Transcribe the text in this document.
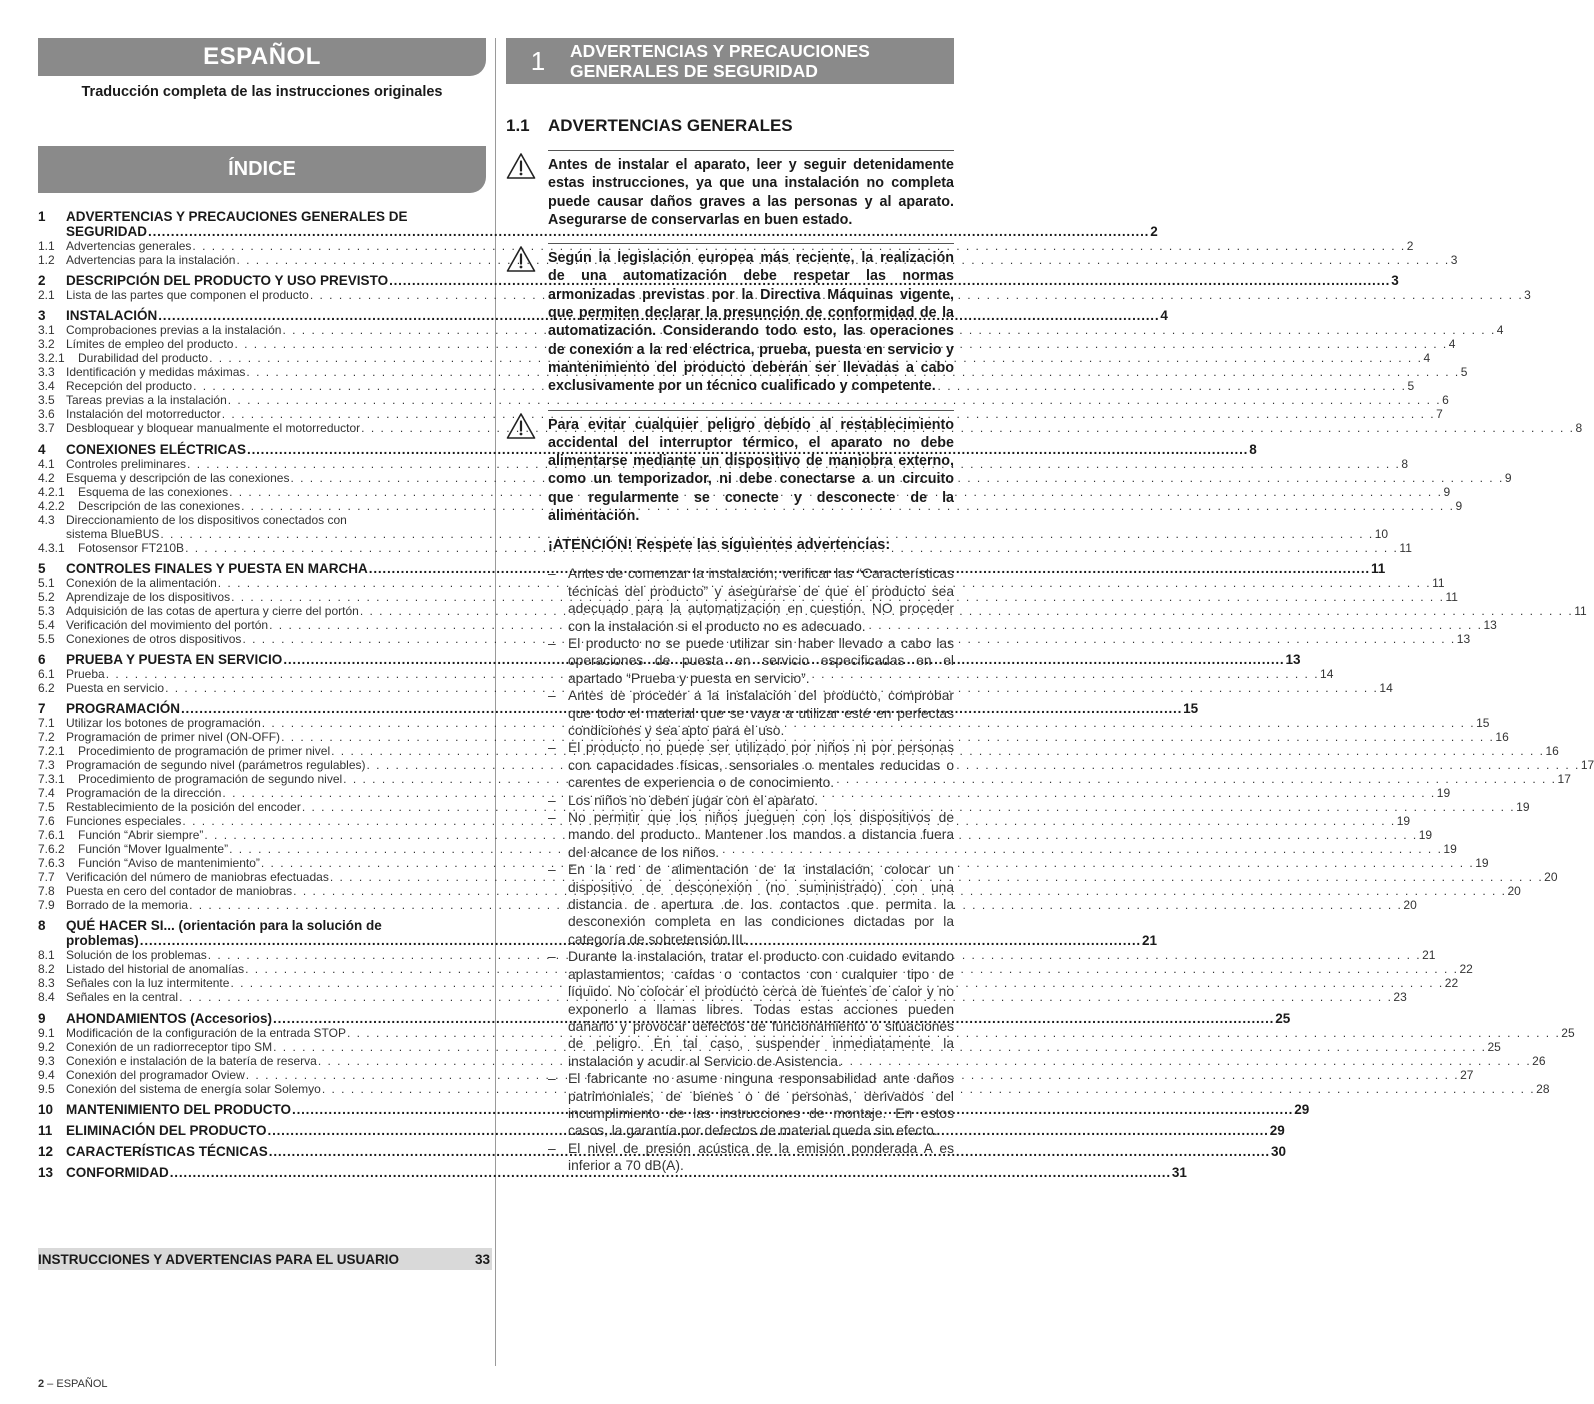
ESPAÑOL
Traducción completa de las instrucciones originales
ÍNDICE
1	ADVERTENCIAS Y PRECAUCIONES GENERALES DE
SEGURIDAD .....	2
1.1 Advertencias generales . . .	2
1.2 Advertencias para la instalación . . .	3
2	DESCRIPCIÓN DEL PRODUCTO Y USO PREVISTO .....	3
2.1 Lista de las partes que componen el producto . . .	3
3	INSTALACIÓN .....	4
3.1 Comprobaciones previas a la instalación . . .	4
3.2 Límites de empleo del producto . . .	4
3.2.1	Durabilidad del producto . . .	4
3.3 Identificación y medidas máximas . . .	5
3.4 Recepción del producto . . .	5
3.5 Tareas previas a la instalación . . .	6
3.6 Instalación del motorreductor . . .	7
3.7 Desbloquear y bloquear manualmente el motorreductor . . .	8
4	CONEXIONES ELÉCTRICAS .....	8
4.1 Controles preliminares . . .	8
4.2 Esquema y descripción de las conexiones . . .	9
4.2.1	Esquema de las conexiones . . .	9
4.2.2	Descripción de las conexiones . . .	9
4.3 Direccionamiento de los dispositivos conectados con
sistema BlueBUS . . .	10
4.3.1	Fotosensor FT210B . . .	11
5	CONTROLES FINALES Y PUESTA EN MARCHA .....	11
5.1 Conexión de la alimentación . . .	11
5.2 Aprendizaje de los dispositivos . . .	11
5.3 Adquisición de las cotas de apertura y cierre del portón . . .	11
5.4 Verificación del movimiento del portón . . .	13
5.5 Conexiones de otros dispositivos . . .	13
6	PRUEBA Y PUESTA EN SERVICIO .....	13
6.1 Prueba . . .	14
6.2 Puesta en servicio . . .	14
7	PROGRAMACIÓN .....	15
7.1 Utilizar los botones de programación . . .	15
7.2 Programación de primer nivel (ON-OFF) . . .	16
7.2.1	Procedimiento de programación de primer nivel . . .	16
7.3 Programación de segundo nivel (parámetros regulables) . . .	17
7.3.1	Procedimiento de programación de segundo nivel . . .	17
7.4 Programación de la dirección . . .	19
7.5 Restablecimiento de la posición del encoder . . .	19
7.6 Funciones especiales . . .	19
7.6.1	Función “Abrir siempre” . . .	19
7.6.2	Función “Mover Igualmente” . . .	19
7.6.3	Función “Aviso de mantenimiento” . . .	19
7.7 Verificación del número de maniobras efectuadas . . .	20
7.8 Puesta en cero del contador de maniobras . . .	20
7.9 Borrado de la memoria . . .	20
8	QUÉ HACER SI... (orientación para la solución de
problemas) .....	21
8.1 Solución de los problemas . . .	21
8.2 Listado del historial de anomalías . . .	22
8.3 Señales con la luz intermitente . . .	22
8.4 Señales en la central . . .	23
9	AHONDAMIENTOS (Accesorios) .....	25
9.1 Modificación de la configuración de la entrada STOP . . .	25
9.2 Conexión de un radiorreceptor tipo SM . . .	25
9.3 Conexión e instalación de la batería de reserva . . .	26
9.4 Conexión del programador Oview . . .	27
9.5 Conexión del sistema de energía solar Solemyo . . .	28
10 MANTENIMIENTO DEL PRODUCTO .....	29
11	ELIMINACIÓN DEL PRODUCTO .....	29
12 CARACTERÍSTICAS TÉCNICAS .....	30
13 CONFORMIDAD .....	31
INSTRUCCIONES Y ADVERTENCIAS PARA EL USUARIO	33
1	ADVERTENCIAS Y PRECAUCIONES
GENERALES DE SEGURIDAD
1.1	ADVERTENCIAS GENERALES
Antes de instalar el aparato, leer y seguir detenidamente estas instrucciones, ya que una instalación no completa puede causar daños graves a las personas y al aparato. Asegurarse de conservarlas en buen estado.
Según la legislación europea más reciente, la realización de una automatización debe respetar las normas armonizadas previstas por la Directiva Máquinas vigente, que permiten declarar la presunción de conformidad de la automatización. Considerando todo esto, las operaciones de conexión a la red eléctrica, prueba, puesta en servicio y mantenimiento del producto deberán ser llevadas a cabo exclusivamente por un técnico cualificado y competente.
Para evitar cualquier peligro debido al restablecimiento accidental del interruptor térmico, el aparato no debe alimentarse mediante un dispositivo de maniobra externo, como un temporizador, ni debe conectarse a un circuito que regularmente se conecte y desconecte de la alimentación.
¡ATENCIÓN! Respete las siguientes advertencias:
– Antes de comenzar la instalación, verificar las “Características técnicas del producto” y asegurarse de que el producto sea adecuado para la automatización en cuestión. NO proceder con la instalación si el producto no es adecuado.
– El producto no se puede utilizar sin haber llevado a cabo las operaciones de puesta en servicio especificadas en el apartado “Prueba y puesta en servicio”.
– Antes de proceder a la instalación del producto, comprobar que todo el material que se vaya a utilizar esté en perfectas condiciones y sea apto para el uso.
– El producto no puede ser utilizado por niños ni por personas con capacidades físicas, sensoriales o mentales reducidas o carentes de experiencia o de conocimiento.
– Los niños no deben jugar con el aparato.
– No permitir que los niños jueguen con los dispositivos de mando del producto. Mantener los mandos a distancia fuera del alcance de los niños.
– En la red de alimentación de la instalación, colocar un dispositivo de desconexión (no suministrado) con una distancia de apertura de los contactos que permita la desconexión completa en las condiciones dictadas por la categoría de sobretensión III.
– Durante la instalación, tratar el producto con cuidado evitando aplastamientos, caídas o contactos con cualquier tipo de líquido. No colocar el producto cerca de fuentes de calor y no exponerlo a llamas libres. Todas estas acciones pueden dañarlo y provocar defectos de funcionamiento o situaciones de peligro. En tal caso, suspender inmediatamente la instalación y acudir al Servicio de Asistencia.
– El fabricante no asume ninguna responsabilidad ante daños patrimoniales, de bienes o de personas, derivados del incumplimiento de las instrucciones de montaje. En estos casos, la garantía por defectos de material queda sin efecto.
– El nivel de presión acústica de la emisión ponderada A es inferior a 70 dB(A).
2 – ESPAÑOL
